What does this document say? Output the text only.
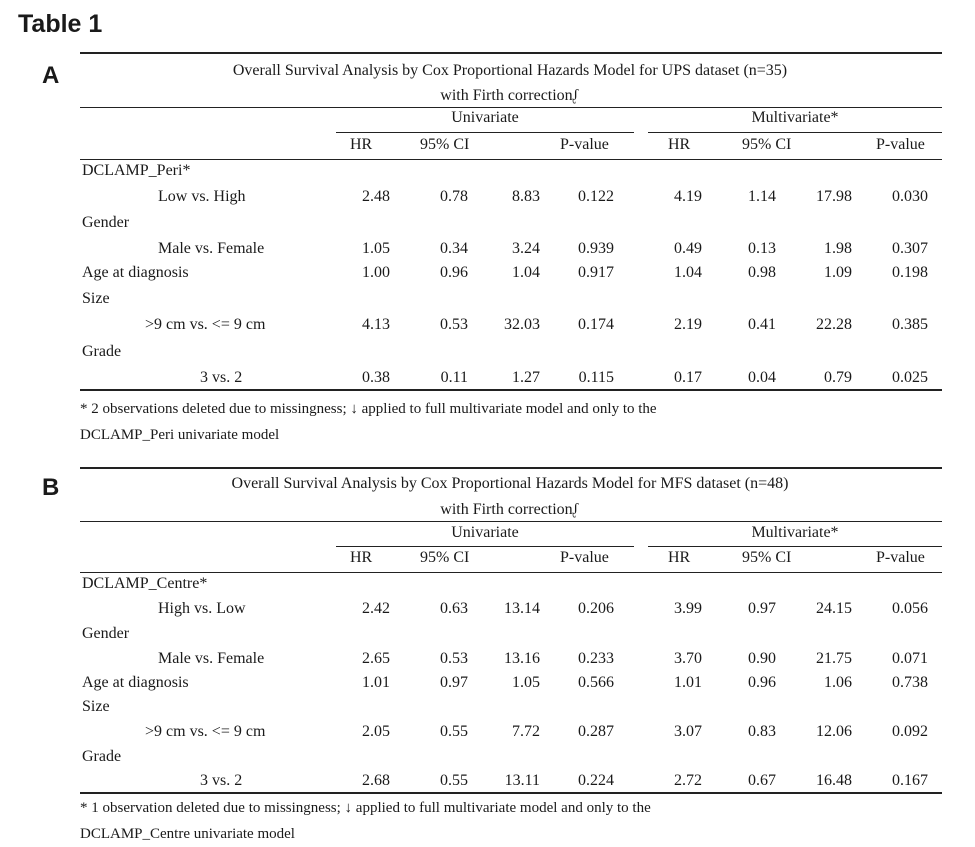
Table 1
A	Overall Survival Analysis by Cox Proportional Hazards Model for UPS dataset (n=35)
with Firth correctionᶘ
Univariate	Multivariate*
HR	95% CI	P-value	HR	95% CI	P-value
DCLAMP_Peri*
Low vs. High	2.48	0.78	8.83	0.122	4.19	1.14	17.98	0.030
Gender
Male vs. Female	1.05	0.34	3.24	0.939	0.49	0.13	1.98	0.307
Age at diagnosis	1.00	0.96	1.04	0.917	1.04	0.98	1.09	0.198
Size
>9 cm vs. <= 9 cm	4.13	0.53	32.03	0.174	2.19	0.41	22.28	0.385
Grade
3 vs. 2	0.38	0.11	1.27	0.115	0.17	0.04	0.79	0.025
* 2 observations deleted due to missingness; ↓ applied to full multivariate model and only to the
DCLAMP_Peri univariate model
B	Overall Survival Analysis by Cox Proportional Hazards Model for MFS dataset (n=48)
with Firth correctionᶘ
Univariate	Multivariate*
HR	95% CI	P-value	HR	95% CI	P-value
DCLAMP_Centre*
High vs. Low	2.42	0.63	13.14	0.206	3.99	0.97	24.15	0.056
Gender
Male vs. Female	2.65	0.53	13.16	0.233	3.70	0.90	21.75	0.071
Age at diagnosis	1.01	0.97	1.05	0.566	1.01	0.96	1.06	0.738
Size
>9 cm vs. <= 9 cm	2.05	0.55	7.72	0.287	3.07	0.83	12.06	0.092
Grade
3 vs. 2	2.68	0.55	13.11	0.224	2.72	0.67	16.48	0.167
* 1 observation deleted due to missingness; ↓ applied to full multivariate model and only to the
DCLAMP_Centre univariate model
